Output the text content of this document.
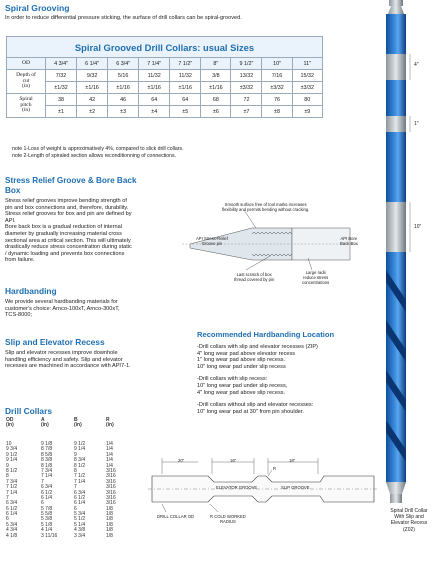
Spiral Grooving
In order to reduce differential pressure sticking, the surface of drill collars can be spiral-grooved.
Spiral Grooved Drill Collars: usual Sizes									
OD	4 3/4"	6 1/4"	6 3/4"	7 1/4"	7 1/2"	8"	9 1/2"	10"	11"
Depth of
cut
(in)	7/32	9/32	5/16	11/32	11/32	3/8	13/32	7/16	15/32
	±1/32	±1/16	±1/16	±1/16	±1/16	±1/16	±3/32	±3/32	±3/32
Spiral
pitch
(in)	38	42	46	64	64	68	72	76	80
	±1	±2	±3	±4	±5	±6	±7	±8	±9
note 1-Loss of weight is approximatively 4%, compared to slick drill collars.
note 2-Length of spiraled section allows reconditionning of connections.
Stress Relief Groove & Bore Back
Box

Stress relief grooves improve bending strength of

pin and box connections and, therefore, durability.

Stress relief grooves for box and pin are defined by

API.

Bore back box is a gradual reduction of internal

diameter by gradually increasing material cross

sectional area at critical section. This will ultimately

drastically reduce stress concentration during static

/ dynamic loading and prevents box connections

from failure.

Smooth surface free of tool marks increases
flexibility and permits bending without cracking.
API Stress-Relief
Groove pin
API Bore
Back Box
Last scratch of box
thread covered by pin
Large radii
reduce stress
concentrations
Hardbanding

We provide several hardbanding materials for

customer's choice: Arnco-100xT, Arnco-300xT,

TCS-8000;

Recommended Hardbanding Location

-Drill collars with slip and elevator recesses (ZIP)

4" long wear pad above elevator recess

1" long wear pad above slip recess.

10" long wear pad under slip recess

-Drill collars with slip recess:

10" long wear pad under slip recess,

4" long wear pad above slip recess.

-Drill collars without slip and elevator recesses:

10" long wear pad at 30" from pin shoulder.

Slip and Elevator Recess

Slip and elevator recesses improve downhole

handling efficiency and safety. Slip and elevator

recesses are machined in accordance with API7-1.

Drill Collars
OD	A	B	R
(in)	(in)	(in)	(in)
10	9 1/8	9 1/2	1/4
9 3/4	8 7/8	9 1/4	1/4
9 1/2	8 5/8	9	1/4
9 1/4	8 3/8	8 3/4	1/4
9	8 1/8	8 1/2	1/4
8 1/2	7 3/4	8	3/16
8	7 1/4	7 1/2	3/16
7 3/4	7	7 1/4	3/16
7 1/2	6 3/4	7	3/16
7 1/4	6 1/2	6 3/4	3/16
7	6 1/4	6 1/2	3/16
6 3/4	6	6 1/4	3/16
6 1/2	5 7/8	6	1/8
6 1/4	5 5/8	5 3/4	1/8
6	5 3/8	5 1/2	1/8
5 3/4	5 1/8	5 1/4	1/8
4 3/4	4 1/4	4 3/8	1/8
4 1/8	3 11/16	3 3/4	1/8
20"	16"	18"
R
ELEVATOR GROOVE	SLIP GROOVE
DRILL COLLAR OD	R COLD WORKED
RADIUS
4"
1"
10"
Spiral Drill Collar
With Slip and
Elevator Recess
(Z02)
